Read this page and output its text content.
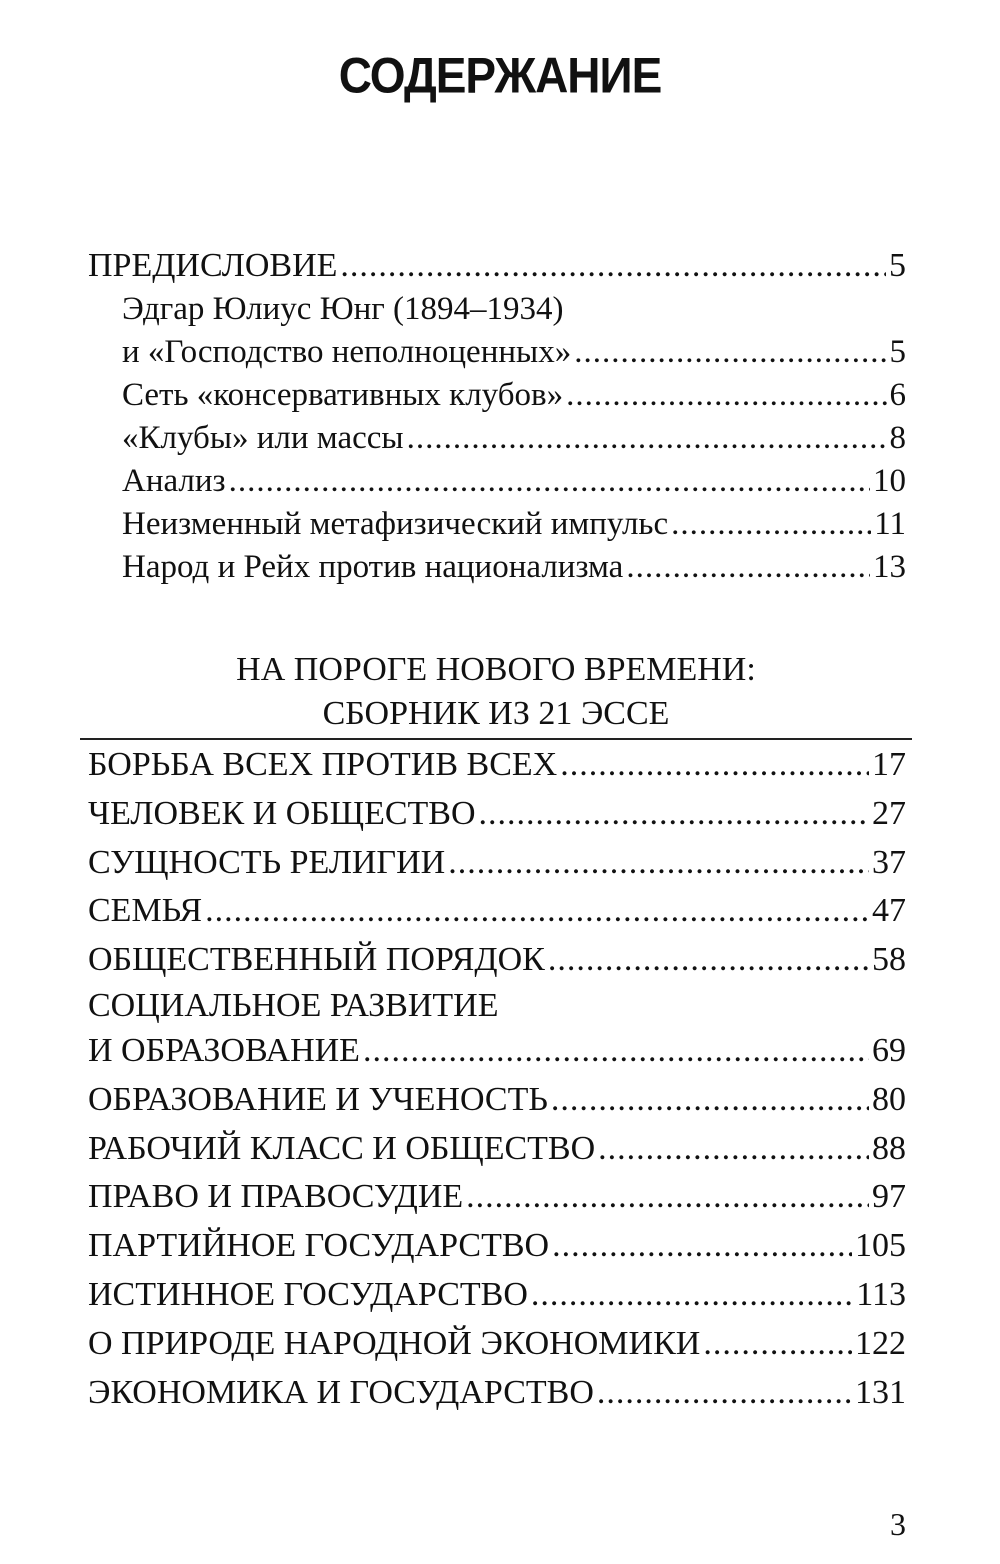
СОДЕРЖАНИЕ
ПРЕДИСЛОВИЕ .....	5
Эдгар Юлиус Юнг (1894–1934)
и «Господство неполноценных» .....	5
Сеть «консервативных клубов» .....	6
«Клубы» или массы .....	8
Анализ .....	10
Неизменный метафизический импульс .....	11
Народ и Рейх против национализма .....	13
НА ПОРОГЕ НОВОГО ВРЕМЕНИ:
СБОРНИК ИЗ 21 ЭССЕ
БОРЬБА ВСЕХ ПРОТИВ ВСЕХ .....	17
ЧЕЛОВЕК И ОБЩЕСТВО .....	27
СУЩНОСТЬ РЕЛИГИИ .....	37
СЕМЬЯ .....	47
ОБЩЕСТВЕННЫЙ ПОРЯДОК .....	58
СОЦИАЛЬНОЕ РАЗВИТИЕ
И ОБРАЗОВАНИЕ .....	69
ОБРАЗОВАНИЕ И УЧЕНОСТЬ .....	80
РАБОЧИЙ КЛАСС И ОБЩЕСТВО .....	88
ПРАВО И ПРАВОСУДИЕ .....	97
ПАРТИЙНОЕ ГОСУДАРСТВО .....	105
ИСТИННОЕ ГОСУДАРСТВО .....	113
О ПРИРОДЕ НАРОДНОЙ ЭКОНОМИКИ .....	122
ЭКОНОМИКА И ГОСУДАРСТВО .....	131
3
